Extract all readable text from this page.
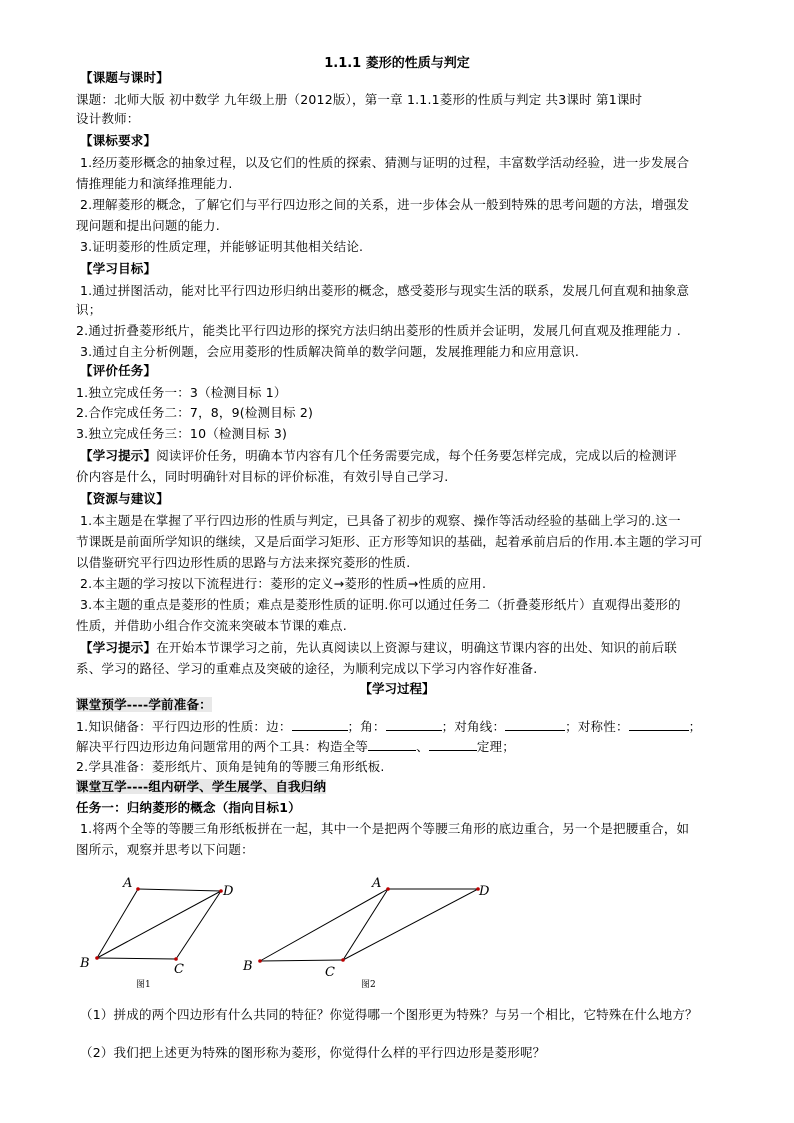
1.1.1 菱形的性质与判定
【课题与课时】
课题：北师大版 初中数学 九年级上册（2012版），第一章 1.1.1菱形的性质与判定 共3课时 第1课时
设计教师：
【课标要求】
1.经历菱形概念的抽象过程，以及它们的性质的探索、猜测与证明的过程，丰富数学活动经验，进一步发展合
情推理能力和演绎推理能力.
2.理解菱形的概念，了解它们与平行四边形之间的关系，进一步体会从一般到特殊的思考问题的方法，增强发
现问题和提出问题的能力.
3.证明菱形的性质定理，并能够证明其他相关结论.
【学习目标】
1.通过拼图活动，能对比平行四边形归纳出菱形的概念，感受菱形与现实生活的联系，发展几何直观和抽象意
识；
2.通过折叠菱形纸片，能类比平行四边形的探究方法归纳出菱形的性质并会证明，发展几何直观及推理能力 .
3.通过自主分析例题，会应用菱形的性质解决简单的数学问题，发展推理能力和应用意识.
【评价任务】
1.独立完成任务一：3（检测目标 1）
2.合作完成任务二：7，8，9(检测目标 2)
3.独立完成任务三：10（检测目标 3)
【学习提示】阅读评价任务，明确本节内容有几个任务需要完成，每个任务要怎样完成，完成以后的检测评
价内容是什么，同时明确针对目标的评价标准，有效引导自己学习.
【资源与建议】
1.本主题是在掌握了平行四边形的性质与判定，已具备了初步的观察、操作等活动经验的基础上学习的.这一
节课既是前面所学知识的继续，又是后面学习矩形、正方形等知识的基础，起着承前启后的作用.本主题的学习可
以借鉴研究平行四边形性质的思路与方法来探究菱形的性质.
2.本主题的学习按以下流程进行：菱形的定义→菱形的性质→性质的应用.
3.本主题的重点是菱形的性质；难点是菱形性质的证明.你可以通过任务二（折叠菱形纸片）直观得出菱形的
性质，并借助小组合作交流来突破本节课的难点.
【学习提示】在开始本节课学习之前，先认真阅读以上资源与建议，明确这节课内容的出处、知识的前后联
系、学习的路径、学习的重难点及突破的途径，为顺利完成以下学习内容作好准备.
【学习过程】
课堂预学----学前准备：
1.知识储备：平行四边形的性质：边：	；角：	；对角线：	；对称性：	；
解决平行四边形边角问题常用的两个工具：构造全等	、	定理；
2.学具准备：菱形纸片、顶角是钝角的等腰三角形纸板.
课堂互学----组内研学、学生展学、自我归纳
任务一：归纳菱形的概念（指向目标1）
1.将两个全等的等腰三角形纸板拼在一起，其中一个是把两个等腰三角形的底边重合，另一个是把腰重合，如
图所示，观察并思考以下问题：
A
D
C
B
图1
A
D
C
B
图2
（1）拼成的两个四边形有什么共同的特征？你觉得哪一个图形更为特殊？与另一个相比，它特殊在什么地方？
（2）我们把上述更为特殊的图形称为菱形，你觉得什么样的平行四边形是菱形呢？
